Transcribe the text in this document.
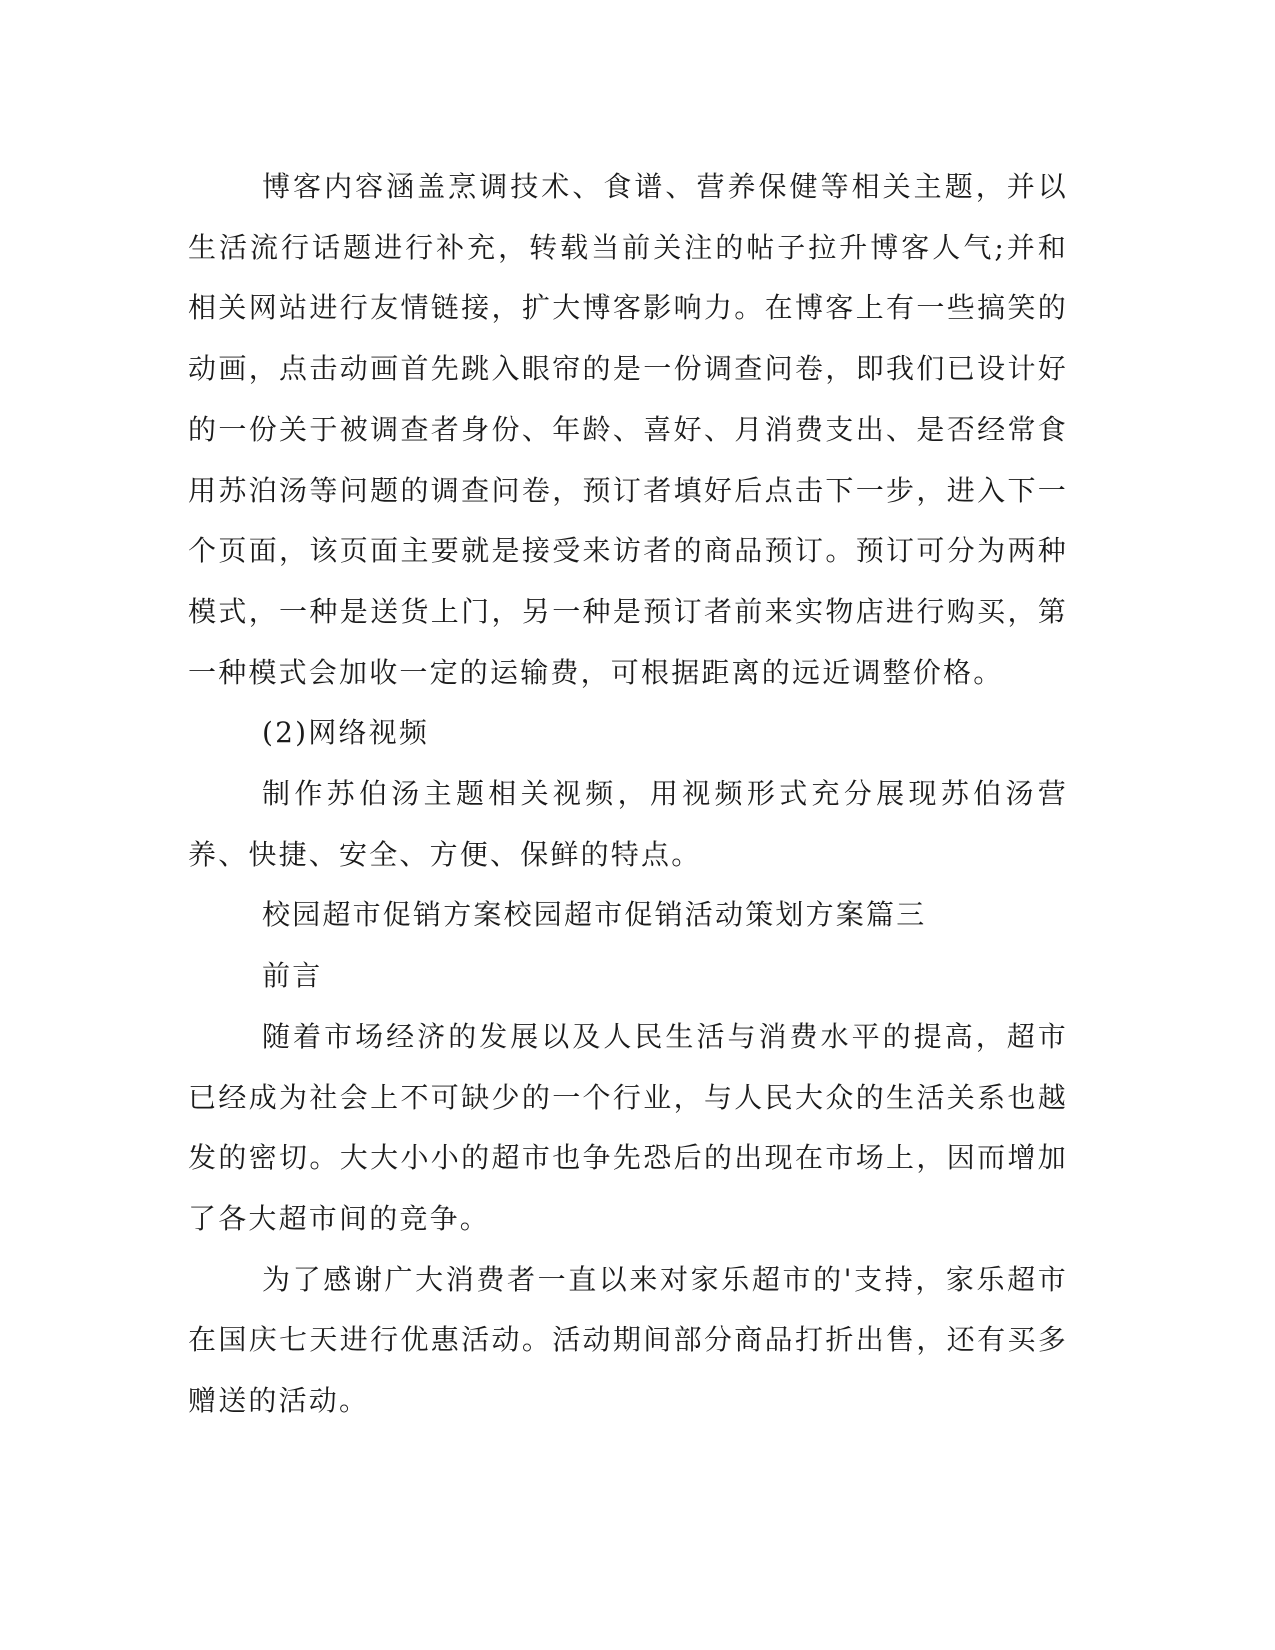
博客内容涵盖烹调技术、食谱、营养保健等相关主题，并以生活流行话题进行补充，转载当前关注的帖子拉升博客人气;并和相关网站进行友情链接，扩大博客影响力。在博客上有一些搞笑的动画，点击动画首先跳入眼帘的是一份调查问卷，即我们已设计好的一份关于被调查者身份、年龄、喜好、月消费支出、是否经常食用苏泊汤等问题的调查问卷，预订者填好后点击下一步，进入下一个页面，该页面主要就是接受来访者的商品预订。预订可分为两种模式，一种是送货上门，另一种是预订者前来实物店进行购买，第一种模式会加收一定的运输费，可根据距离的远近调整价格。

(2)网络视频

制作苏伯汤主题相关视频，用视频形式充分展现苏伯汤营养、快捷、安全、方便、保鲜的特点。

校园超市促销方案校园超市促销活动策划方案篇三

前言

随着市场经济的发展以及人民生活与消费水平的提高，超市已经成为社会上不可缺少的一个行业，与人民大众的生活关系也越发的密切。大大小小的超市也争先恐后的出现在市场上，因而增加了各大超市间的竞争。

为了感谢广大消费者一直以来对家乐超市的'支持，家乐超市在国庆七天进行优惠活动。活动期间部分商品打折出售，还有买多赠送的活动。
